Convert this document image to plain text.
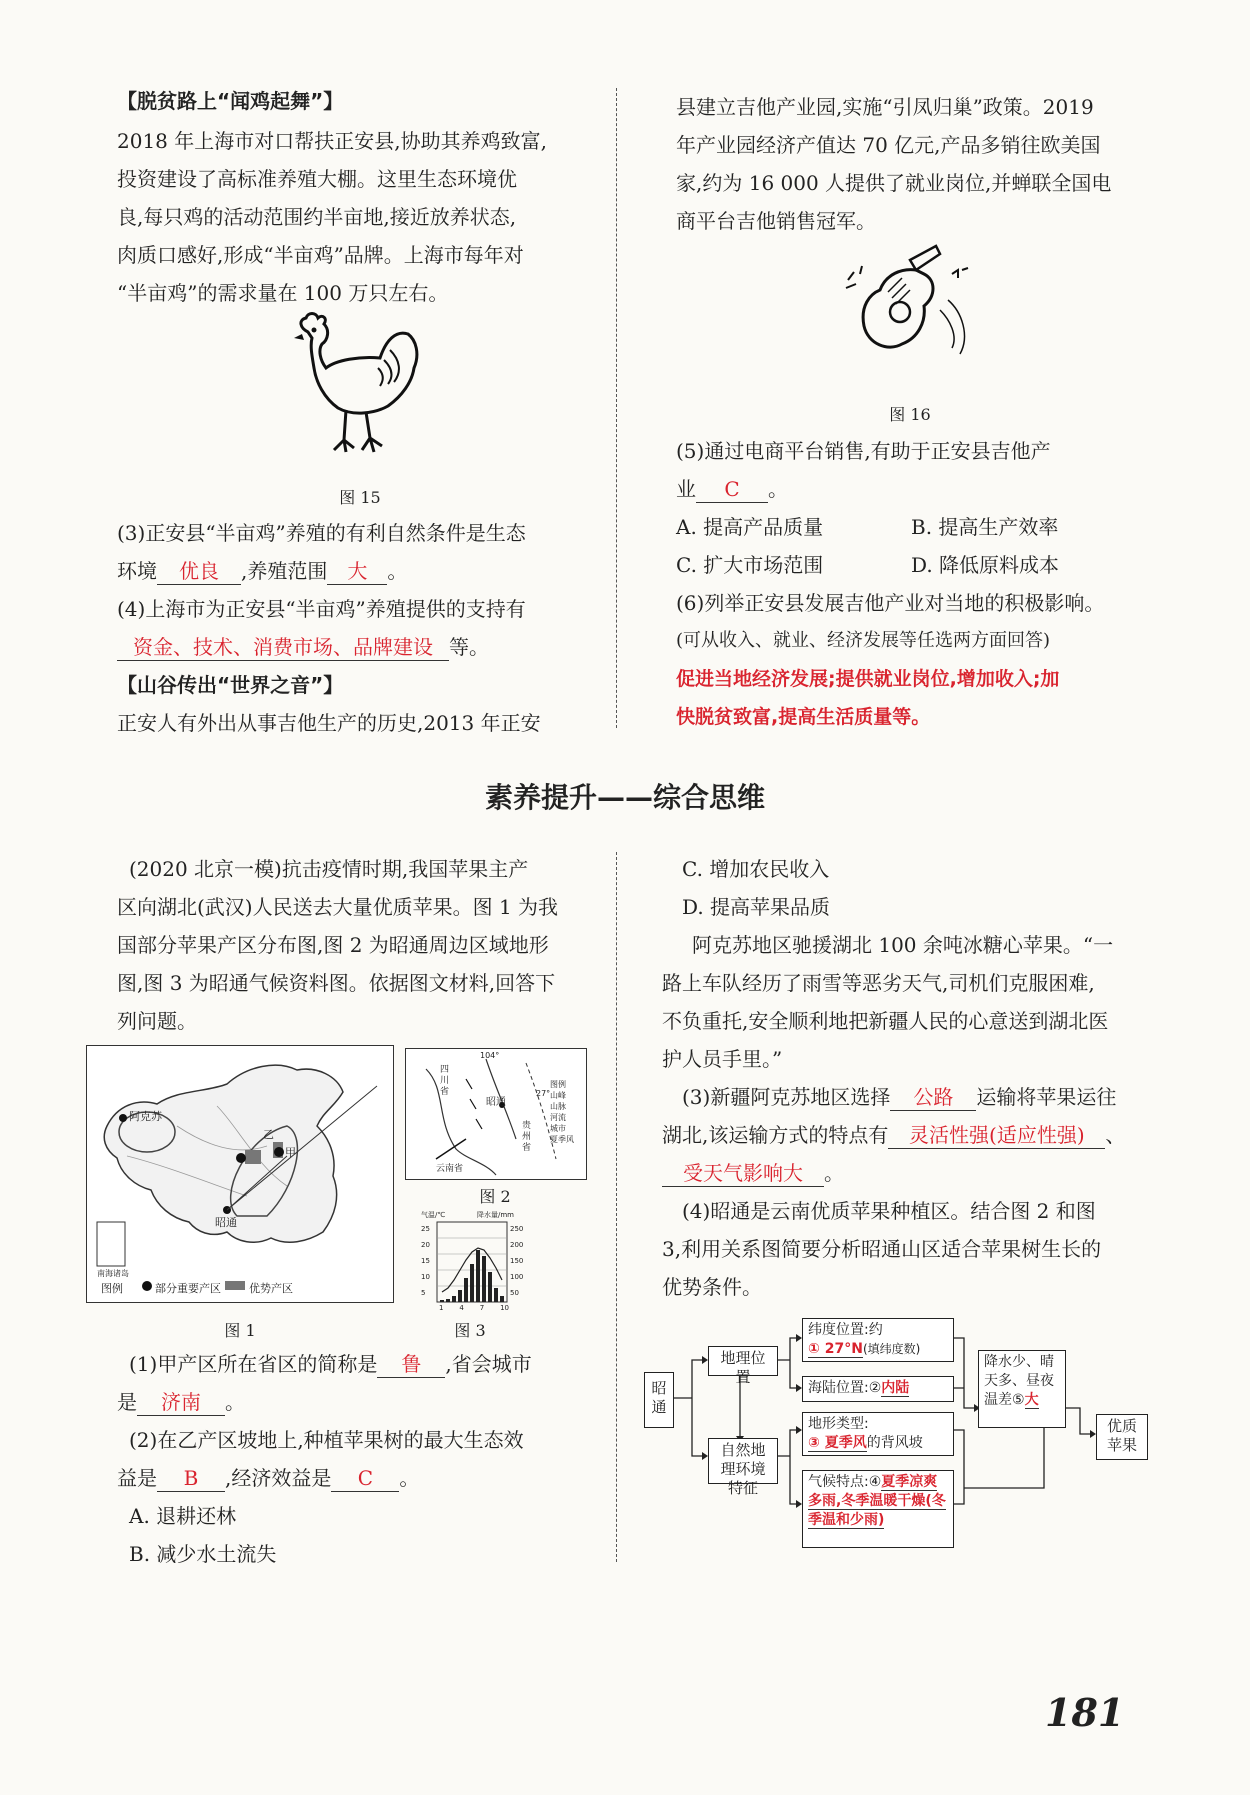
【脱贫路上“闻鸡起舞”】

2018 年上海市对口帮扶正安县,协助其养鸡致富,

投资建设了高标准养殖大棚。这里生态环境优

良,每只鸡的活动范围约半亩地,接近放养状态,

肉质口感好,形成“半亩鸡”品牌。上海市每年对

“半亩鸡”的需求量在 100 万只左右。

图 15

(3)正安县“半亩鸡”养殖的有利自然条件是生态

环境 优良 ,养殖范围 大 。

(4)上海市为正安县“半亩鸡”养殖提供的支持有

资金、技术、消费市场、品牌建设 等。

【山谷传出“世界之音”】

正安人有外出从事吉他生产的历史,2013 年正安

县建立吉他产业园,实施“引凤归巢”政策。2019

年产业园经济产值达 70 亿元,产品多销往欧美国

家,约为 16 000 人提供了就业岗位,并蝉联全国电

商平台吉他销售冠军。

图 16

(5)通过电商平台销售,有助于正安县吉他产

业 C 。

A. 提高产品质量	B. 提高生产效率
C. 扩大市场范围	D. 降低原料成本

(6)列举正安县发展吉他产业对当地的积极影响。

(可从收入、就业、经济发展等任选两方面回答)

促进当地经济发展;提供就业岗位,增加收入;加
快脱贫致富,提高生活质量等。
素养提升——综合思维

(2020 北京一模)抗击疫情时期,我国苹果主产

区向湖北(武汉)人民送去大量优质苹果。图 1 为我

国部分苹果产区分布图,图 2 为昭通周边区域地形

图,图 3 为昭通气候资料图。依据图文材料,回答下

列问题。

阿克苏
甲
乙
昭通
南海诸岛
图例	部分重要产区	优势产区
四川省
昭通
云南省
贵州省
27°
104°
图例
山峰
山脉
河流
城市
夏季风
图 2
气温/℃	降水量/mm
25
20
15
10
5
250
200
150
100
50
1 4 7 10
图 1	图 3

(1)甲产区所在省区的简称是 鲁 ,省会城市

是 济南 。

(2)在乙产区坡地上,种植苹果树的最大生态效

益是 B ,经济效益是 C 。

A. 退耕还林
B. 减少水土流失
C. 增加农民收入
D. 提高苹果品质

阿克苏地区驰援湖北 100 余吨冰糖心苹果。“一

路上车队经历了雨雪等恶劣天气,司机们克服困难,

不负重托,安全顺利地把新疆人民的心意送到湖北医

护人员手里。”

(3)新疆阿克苏地区选择 公路 运输将苹果运往

湖北,该运输方式的特点有 灵活性强(适应性强) 、

受天气影响大 。

(4)昭通是云南优质苹果种植区。结合图 2 和图

3,利用关系图简要分析昭通山区适合苹果树生长的

优势条件。

昭通
地理位置
自然地理环境特征
纬度位置:约
① 27°N(填纬度数)
海陆位置:②内陆
地形类型:
③ 夏季风的背风坡
气候特点:④夏季凉爽多雨,冬季温暖干燥(冬季温和少雨)
降水少、晴天多、昼夜温差⑤大
优质苹果
181
